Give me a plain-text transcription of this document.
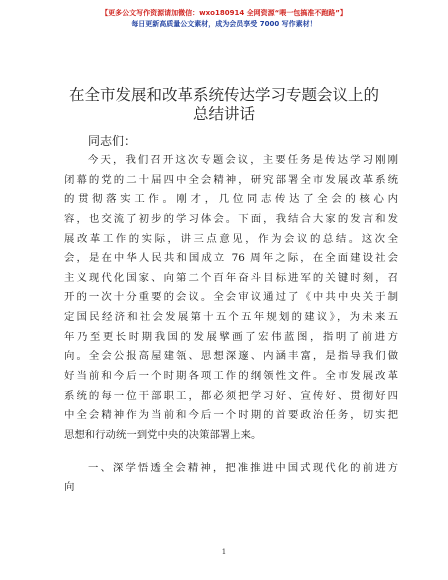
【更多公文写作资源请加微信：wxo180914 全网资源“喂一包搞准不跑路”】
每日更新高质量公文素材，成为会员享受 7000 写作素材！
在全市发展和改革系统传达学习专题会议上的
总结讲话
同志们：
今天，我们召开这次专题会议，主要任务是传达学习刚刚
闭幕的党的二十届四中全会精神，研究部署全市发展改革系统
的贯彻落实工作。刚才，几位同志传达了全会的核心内
容，也交流了初步的学习体会。下面，我结合大家的发言和发
展改革工作的实际，讲三点意见，作为会议的总结。这次全
会，是在中华人民共和国成立 76 周年之际，在全面建设社会
主义现代化国家、向第二个百年奋斗目标进军的关键时刻，召
开的一次十分重要的会议。全会审议通过了《中共中央关于制
定国民经济和社会发展第十五个五年规划的建议》，为未来五
年乃至更长时期我国的发展擘画了宏伟蓝图，指明了前进方
向。全会公报高屋建瓴、思想深邃、内涵丰富，是指导我们做
好当前和今后一个时期各项工作的纲领性文件。全市发展改革
系统的每一位干部职工，都必须把学习好、宣传好、贯彻好四
中全会精神作为当前和今后一个时期的首要政治任务，切实把
思想和行动统一到党中央的决策部署上来。
一、深学悟透全会精神，把准推进中国式现代化的前进方
向
1
